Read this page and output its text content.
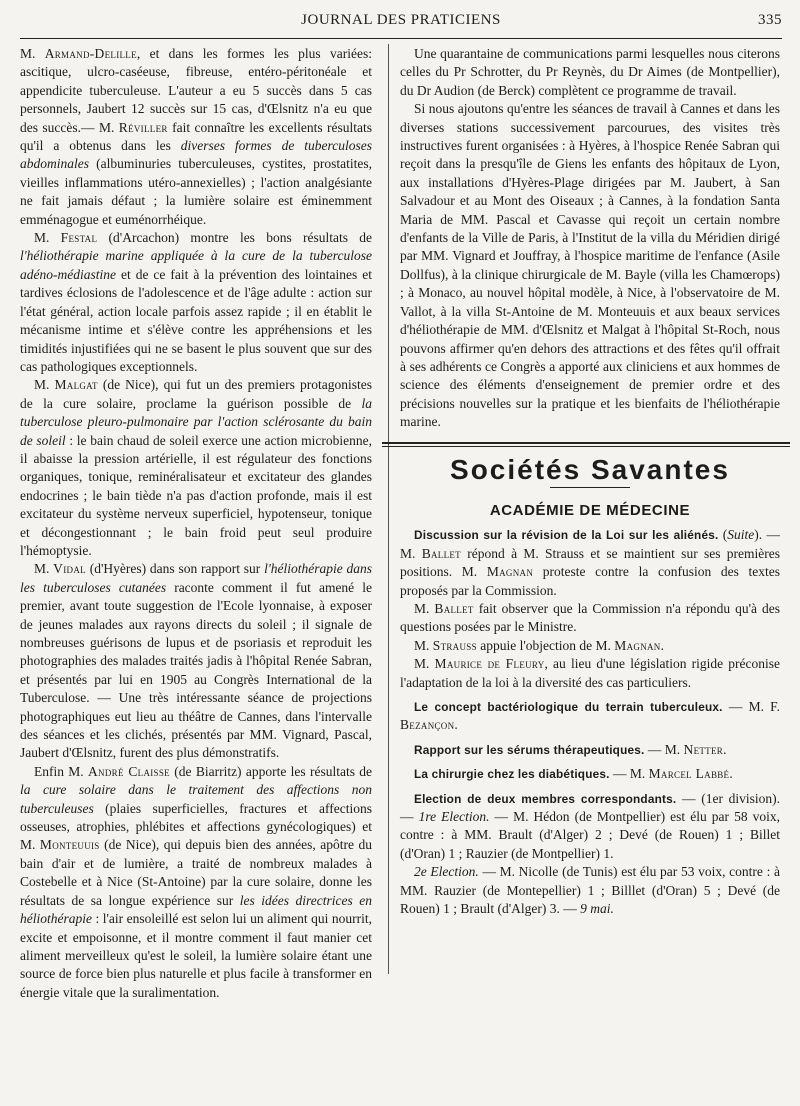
JOURNAL DES PRATICIENS	335

M. Armand-Delille, et dans les formes les plus variées: ascitique, ulcro-caséeuse, fibreuse, entéro-péritonéale et appendicite tuberculeuse. L'auteur a eu 5 succès dans 5 cas personnels, Jaubert 12 succès sur 15 cas, d'Œlsnitz n'a eu que des succès.— M. Réviller fait connaître les excellents résultats qu'il a obtenus dans les diverses formes de tuberculoses abdominales (albuminuries tuberculeuses, cystites, prostatites, vieilles inflammations utéro-annexielles) ; l'action analgésiante ne fait jamais défaut ; la lumière solaire est éminemment emménagogue et euménorrhéique.

M. Festal (d'Arcachon) montre les bons résultats de l'héliothérapie marine appliquée à la cure de la tuberculose adéno-médiastine et de ce fait à la prévention des lointaines et tardives éclosions de l'adolescence et de l'âge adulte : action sur l'état général, action locale parfois assez rapide ; il en établit le mécanisme intime et s'élève contre les appréhensions et les timidités injustifiées qui ne se basent le plus souvent que sur des cas pathologiques exceptionnels.

M. Malgat (de Nice), qui fut un des premiers protagonistes de la cure solaire, proclame la guérison possible de la tuberculose pleuro-pulmonaire par l'action sclérosante du bain de soleil : le bain chaud de soleil exerce une action microbienne, il abaisse la pression artérielle, il est régulateur des fonctions organiques, tonique, reminéralisateur et excitateur des glandes endocrines ; le bain tiède n'a pas d'action profonde, mais il est excitateur du système nerveux superficiel, hypotenseur, tonique et décongestionnant ; le bain froid peut seul produire l'hémoptysie.

M. Vidal (d'Hyères) dans son rapport sur l'héliothérapie dans les tuberculoses cutanées raconte comment il fut amené le premier, avant toute suggestion de l'Ecole lyonnaise, à exposer de jeunes malades aux rayons directs du soleil ; il signale de nombreuses guérisons de lupus et de psoriasis et reproduit les photographies des malades traités jadis à l'hôpital Renée Sabran, et présentés par lui en 1905 au Congrès International de la Tuberculose. — Une très intéressante séance de projections photographiques eut lieu au théâtre de Cannes, dans l'intervalle des séances et les clichés, présentés par MM. Vignard, Pascal, Jaubert d'Œlsnitz, furent des plus démonstratifs.

Enfin M. André Claisse (de Biarritz) apporte les résultats de la cure solaire dans le traitement des affections non tuberculeuses (plaies superficielles, fractures et affections osseuses, atrophies, phlébites et affections gynécologiques) et M. Monteuuis (de Nice), qui depuis bien des années, apôtre du bain d'air et de lumière, a traité de nombreux malades à Costebelle et à Nice (St-Antoine) par la cure solaire, donne les résultats de sa longue expérience sur les idées directrices en héliothérapie : l'air ensoleillé est selon lui un aliment qui nourrit, excite et empoisonne, et il montre comment il faut manier cet aliment merveilleux qu'est le soleil, la lumière solaire étant une source de force bien plus naturelle et plus facile à transformer en énergie vitale que la suralimentation.

Une quarantaine de communications parmi lesquelles nous citerons celles du Pr Schrotter, du Pr Reynès, du Dr Aimes (de Montpellier), du Dr Audion (de Berck) complètent ce programme de travail.

Si nous ajoutons qu'entre les séances de travail à Cannes et dans les diverses stations successivement parcourues, des visites très instructives furent organisées : à Hyères, à l'hospice Renée Sabran qui reçoit dans la presqu'île de Giens les enfants des hôpitaux de Lyon, aux installations d'Hyères-Plage dirigées par M. Jaubert, à San Salvadour et au Mont des Oiseaux ; à Cannes, à la fondation Santa Maria de MM. Pascal et Cavasse qui reçoit un certain nombre d'enfants de la Ville de Paris, à l'Institut de la villa du Méridien dirigé par MM. Vignard et Jouffray, à l'hospice maritime de l'enfance (Asile Dollfus), à la clinique chirurgicale de M. Bayle (villa les Chamœrops) ; à Monaco, au nouvel hôpital modèle, à Nice, à l'observatoire de M. Vallot, à la villa St-Antoine de M. Monteuuis et aux beaux services d'héliothérapie de MM. d'Œlsnitz et Malgat à l'hôpital St-Roch, nous pouvons affirmer qu'en dehors des attractions et des fêtes qu'il offrait à ses adhérents ce Congrès a apporté aux cliniciens et aux hommes de science des éléments d'enseignement de premier ordre et des précisions nouvelles sur la pratique et les bienfaits de l'héliothérapie marine.

Sociétés Savantes
ACADÉMIE DE MÉDECINE

Discussion sur la révision de la Loi sur les aliénés. (Suite). — M. Ballet répond à M. Strauss et se maintient sur ses premières positions. M. Magnan proteste contre la confusion des textes proposés par la Commission.

M. Ballet fait observer que la Commission n'a répondu qu'à des questions posées par le Ministre.

M. Strauss appuie l'objection de M. Magnan.

M. Maurice de Fleury, au lieu d'une législation rigide préconise l'adaptation de la loi à la diversité des cas particuliers.

Le concept bactériologique du terrain tuberculeux. — M. F. Bezançon.

Rapport sur les sérums thérapeutiques. — M. Netter.

La chirurgie chez les diabétiques. — M. Marcel Labbé.

Election de deux membres correspondants. — (1er division). — 1re Election. — M. Hédon (de Montpellier) est élu par 58 voix, contre : à MM. Brault (d'Alger) 2 ; Devé (de Rouen) 1 ; Billet (d'Oran) 1 ; Rauzier (de Montpellier) 1.

2e Election. — M. Nicolle (de Tunis) est élu par 53 voix, contre : à MM. Rauzier (de Montepellier) 1 ; Billlet (d'Oran) 5 ; Devé (de Rouen) 1 ; Brault (d'Alger) 3. — 9 mai.
